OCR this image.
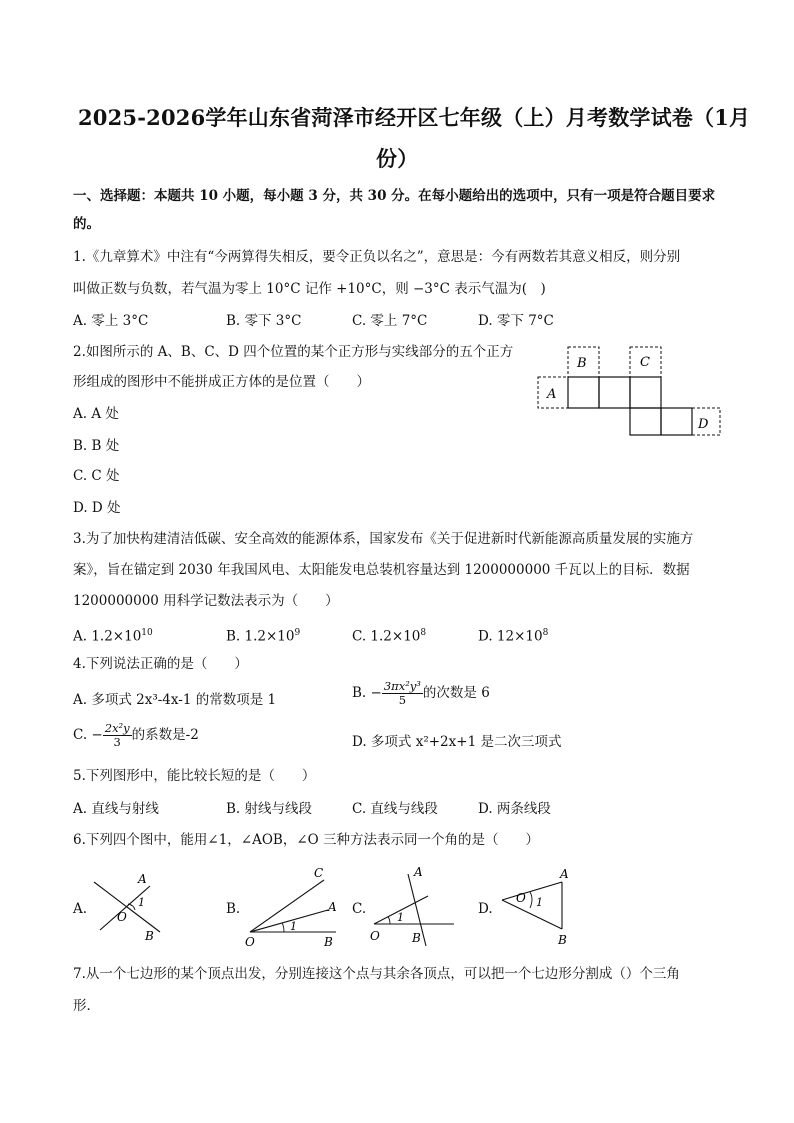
2025-2026学年山东省菏泽市经开区七年级（上）月考数学试卷（1月
份）
一、选择题：本题共 10 小题，每小题 3 分，共 30 分。在每小题给出的选项中，只有一项是符合题目要求
的。
1.《九章算术》中注有“今两算得失相反，要令正负以名之”，意思是：今有两数若其意义相反，则分别
叫做正数与负数，若气温为零上 10°C 记作 +10°C，则 −3°C 表示气温为(　)
A. 零上 3°C	B. 零下 3°C	C. 零上 7°C	D. 零下 7°C
2.如图所示的 A、B、C、D 四个位置的某个正方形与实线部分的五个正方
形组成的图形中不能拼成正方体的是位置（　　）
A. A 处
B. B 处
C. C 处
D. D 处
A
B	C
D
3.为了加快构建清洁低碳、安全高效的能源体系，国家发布《关于促进新时代新能源高质量发展的实施方
案》，旨在锚定到 2030 年我国风电、太阳能发电总装机容量达到 1200000000 千瓦以上的目标．数据
1200000000 用科学记数法表示为（　　）
A. $1.2\times 10^{10}$	B. $1.2\times 10^9$	C. $1.2\times 10^8$	D. $12\times 10^8$
4.下列说法正确的是（　　）
A. 多项式 2x³-4x-1 的常数项是 1	B. − $\frac{\text{3πx²y³}}{5}$ 的次数是 6
C. − $\frac{\text{2x²y}}{3}$ 的系数是-2	D. 多项式 x²+2x+1 是二次三项式
5.下列图形中，能比较长短的是（　　）
A. 直线与射线	B. 射线与线段	C. 直线与线段	D. 两条线段
6.下列四个图中，能用∠1，∠AOB，∠O 三种方法表示同一个角的是（　　）
A.
A
1
O
B
B.
C
A
1
O	B
C.
A
1
O	B
D.
A
O 1
B
7.从一个七边形的某个顶点出发，分别连接这个点与其余各顶点，可以把一个七边形分割成（）个三角
形．
